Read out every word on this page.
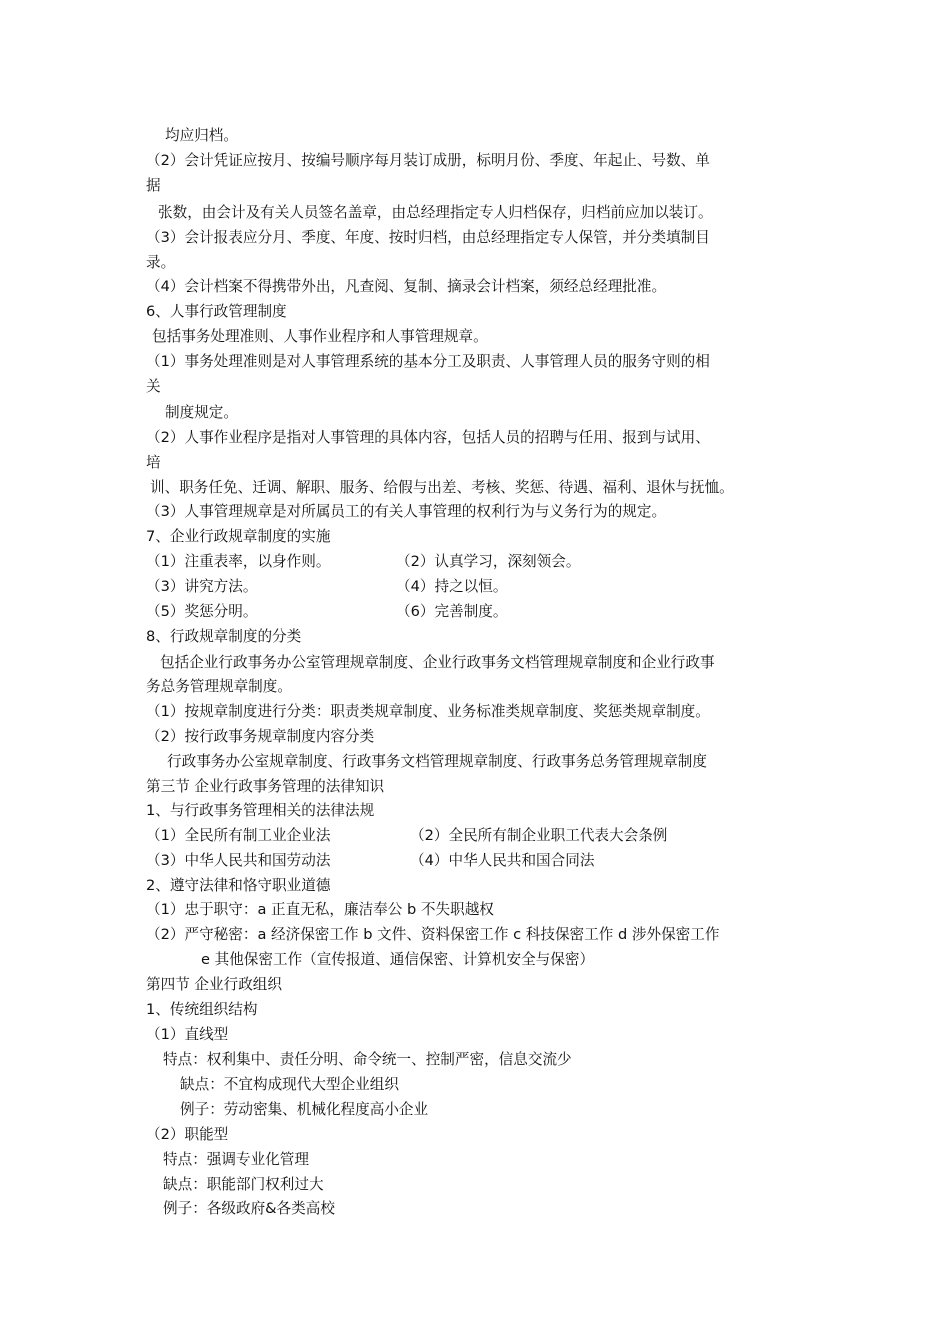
均应归档。
（2）会计凭证应按月、按编号顺序每月装订成册，标明月份、季度、年起止、号数、单
据
张数，由会计及有关人员签名盖章，由总经理指定专人归档保存，归档前应加以装订。
（3）会计报表应分月、季度、年度、按时归档，由总经理指定专人保管，并分类填制目
录。
（4）会计档案不得携带外出，凡查阅、复制、摘录会计档案，须经总经理批准。
6、人事行政管理制度
包括事务处理准则、人事作业程序和人事管理规章。
（1）事务处理准则是对人事管理系统的基本分工及职责、人事管理人员的服务守则的相
关
制度规定。
（2）人事作业程序是指对人事管理的具体内容，包括人员的招聘与任用、报到与试用、
培
训、职务任免、迁调、解职、服务、给假与出差、考核、奖惩、待遇、福利、退休与抚恤。
（3）人事管理规章是对所属员工的有关人事管理的权利行为与义务行为的规定。
7、企业行政规章制度的实施
（1）注重表率，以身作则。	（2）认真学习，深刻领会。
（3）讲究方法。	（4）持之以恒。
（5）奖惩分明。	（6）完善制度。
8、行政规章制度的分类
包括企业行政事务办公室管理规章制度、企业行政事务文档管理规章制度和企业行政事
务总务管理规章制度。
（1）按规章制度进行分类：职责类规章制度、业务标准类规章制度、奖惩类规章制度。
（2）按行政事务规章制度内容分类
行政事务办公室规章制度、行政事务文档管理规章制度、行政事务总务管理规章制度
第三节 企业行政事务管理的法律知识
1、与行政事务管理相关的法律法规
（1）全民所有制工业企业法	（2）全民所有制企业职工代表大会条例
（3）中华人民共和国劳动法	（4）中华人民共和国合同法
2、遵守法律和恪守职业道德
（1）忠于职守：a 正直无私，廉洁奉公 b 不失职越权
（2）严守秘密：a 经济保密工作 b 文件、资料保密工作 c 科技保密工作 d 涉外保密工作
e 其他保密工作（宣传报道、通信保密、计算机安全与保密）
第四节 企业行政组织
1、传统组织结构
（1）直线型
特点：权利集中、责任分明、命令统一、控制严密，信息交流少
缺点：不宜构成现代大型企业组织
例子：劳动密集、机械化程度高小企业
（2）职能型
特点：强调专业化管理
缺点：职能部门权利过大
例子：各级政府&各类高校
